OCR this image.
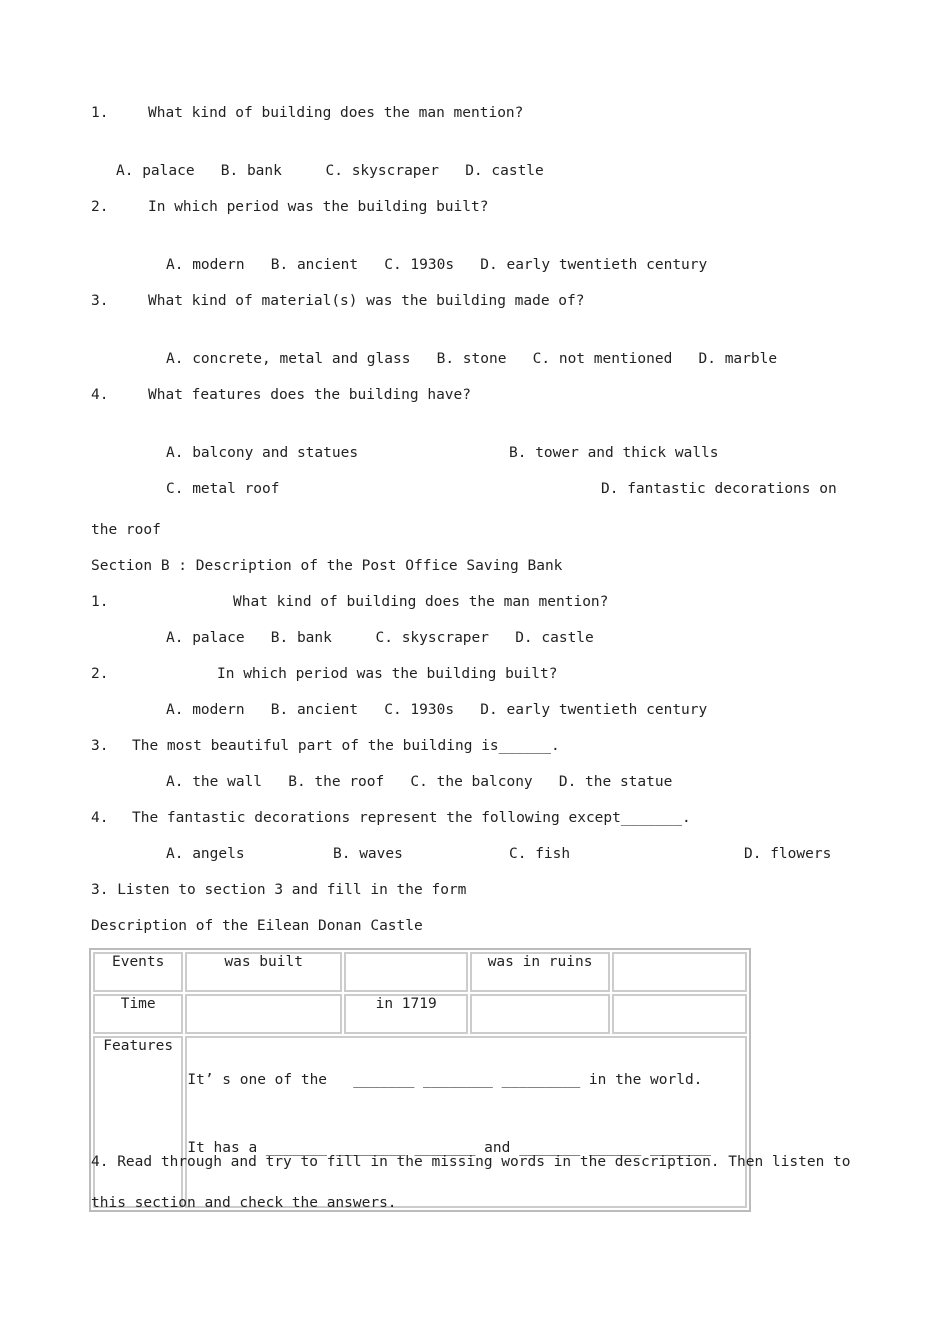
1.	What kind of building does the man mention?
A. palace   B. bank     C. skyscraper   D. castle
2.	In which period was the building built?
A. modern   B. ancient   C. 1930s   D. early twentieth century
3.	What kind of material(s) was the building made of?
A. concrete, metal and glass   B. stone   C. not mentioned   D. marble
4.	What features does the building have?
A. balcony and statues	B. tower and thick walls
C. metal roof	D. fantastic decorations on
the roof
Section B : Description of the Post Office Saving Bank
1.	What kind of building does the man mention?
A. palace   B. bank     C. skyscraper   D. castle
2.	In which period was the building built?
A. modern   B. ancient   C. 1930s   D. early twentieth century
3. The most beautiful part of the building is______.
A. the wall   B. the roof   C. the balcony   D. the statue
4. The fantastic decorations represent the following except_______.
A. angels	B. waves	C. fish	D. flowers
3. Listen to section 3 and fill in the form
Description of the Eilean Donan Castle
Events	was built		was in ruins	
Time		in 1719		
Features	It’ s one of the   _______ ________ _________ in the world.

It has a _______ ________ _______ and _______ ______ _______			

4. Read through and try to fill in the missing words in the description. Then listen to
this section and check the answers.
